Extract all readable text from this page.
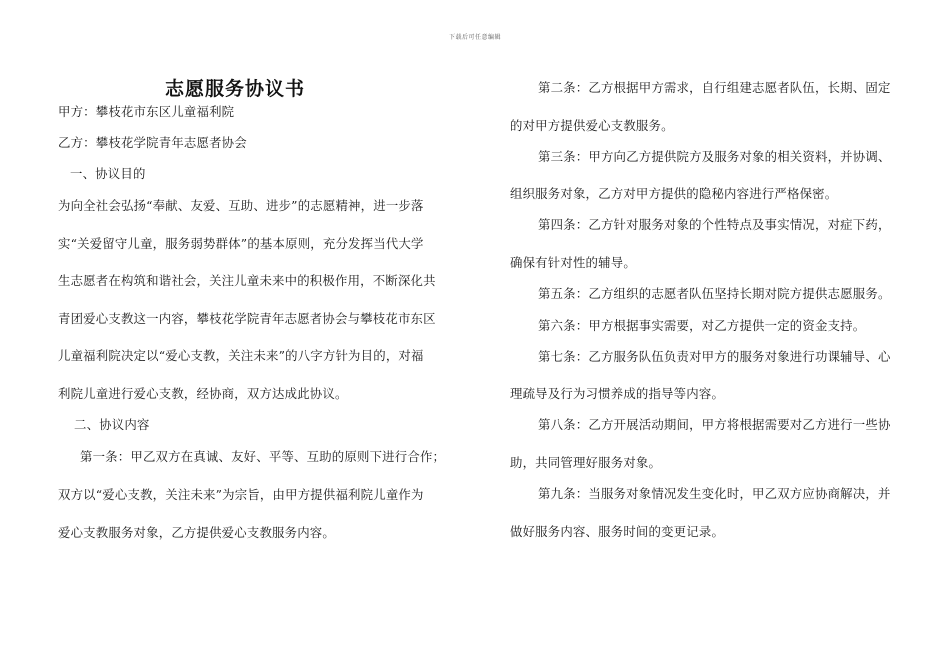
下载后可任意编辑
志愿服务协议书
甲方：攀枝花市东区儿童福利院
乙方：攀枝花学院青年志愿者协会
一、协议目的
为向全社会弘扬“奉献、友爱、互助、进步”的志愿精神，进一步落
实“关爱留守儿童，服务弱势群体”的基本原则，充分发挥当代大学
生志愿者在构筑和谐社会，关注儿童未来中的积极作用，不断深化共
青团爱心支教这一内容，攀枝花学院青年志愿者协会与攀枝花市东区
儿童福利院决定以“爱心支教，关注未来”的八字方针为目的，对福
利院儿童进行爱心支教，经协商，双方达成此协议。
二、协议内容
第一条：甲乙双方在真诚、友好、平等、互助的原则下进行合作；
双方以“爱心支教，关注未来”为宗旨，由甲方提供福利院儿童作为
爱心支教服务对象，乙方提供爱心支教服务内容。
第二条：乙方根据甲方需求，自行组建志愿者队伍，长期、固定
的对甲方提供爱心支教服务。
第三条：甲方向乙方提供院方及服务对象的相关资料，并协调、
组织服务对象，乙方对甲方提供的隐秘内容进行严格保密。
第四条：乙方针对服务对象的个性特点及事实情况，对症下药，
确保有针对性的辅导。
第五条：乙方组织的志愿者队伍坚持长期对院方提供志愿服务。
第六条：甲方根据事实需要，对乙方提供一定的资金支持。
第七条：乙方服务队伍负责对甲方的服务对象进行功课辅导、心
理疏导及行为习惯养成的指导等内容。
第八条：乙方开展活动期间，甲方将根据需要对乙方进行一些协
助，共同管理好服务对象。
第九条：当服务对象情况发生变化时，甲乙双方应协商解决，并
做好服务内容、服务时间的变更记录。
